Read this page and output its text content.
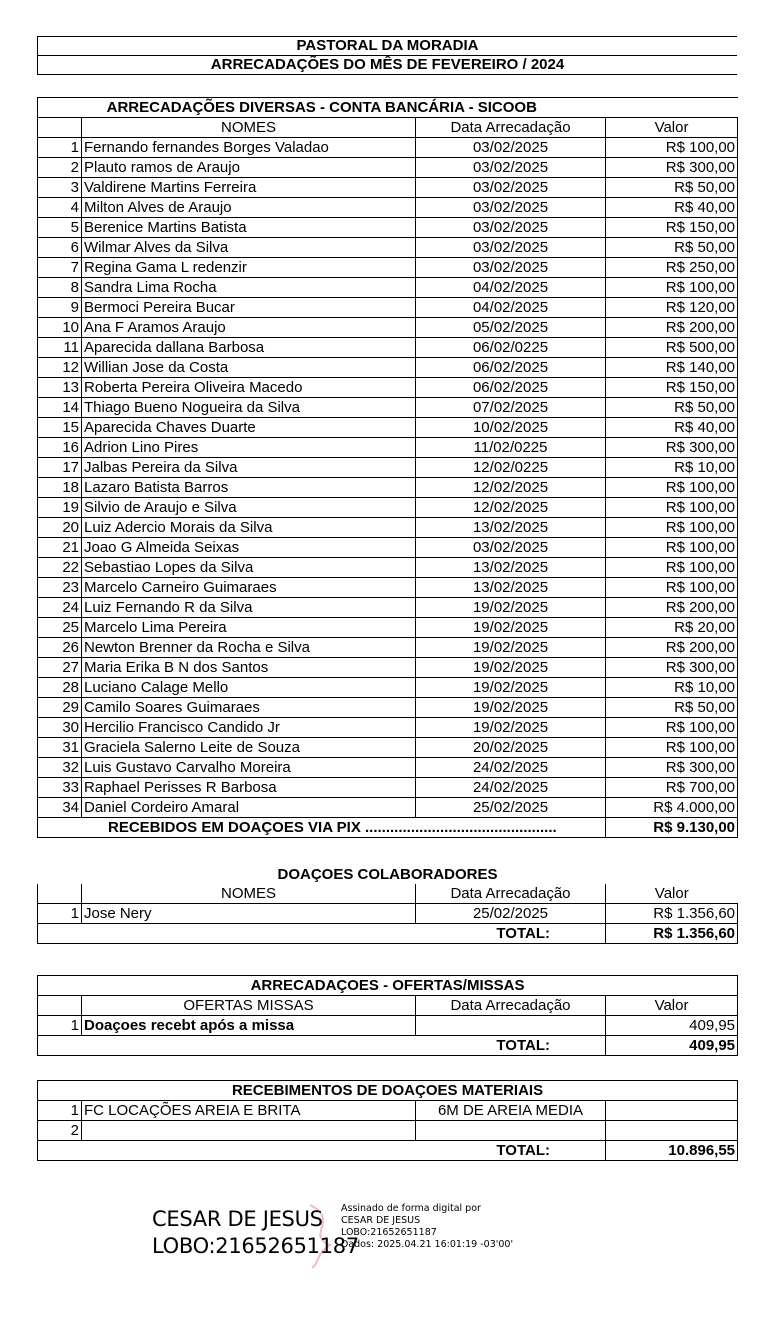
PASTORAL DA MORADIA
ARRECADAÇÕES DO MÊS DE FEVEREIRO / 2024
ARRECADAÇÕES DIVERSAS - CONTA BANCÁRIA - SICOOB			
	NOMES	Data Arrecadação	Valor
1	Fernando fernandes Borges Valadao	03/02/2025	R$ 100,00
2	Plauto ramos de Araujo	03/02/2025	R$ 300,00
3	Valdirene Martins Ferreira	03/02/2025	R$ 50,00
4	Milton Alves de Araujo	03/02/2025	R$ 40,00
5	Berenice Martins Batista	03/02/2025	R$ 150,00
6	Wilmar Alves da Silva	03/02/2025	R$ 50,00
7	Regina Gama L redenzir	03/02/2025	R$ 250,00
8	Sandra Lima Rocha	04/02/2025	R$ 100,00
9	Bermoci Pereira Bucar	04/02/2025	R$ 120,00
10	Ana F Aramos Araujo	05/02/2025	R$ 200,00
11	Aparecida dallana Barbosa	06/02/0225	R$ 500,00
12	Willian Jose da Costa	06/02/2025	R$ 140,00
13	Roberta Pereira Oliveira Macedo	06/02/2025	R$ 150,00
14	Thiago Bueno Nogueira da Silva	07/02/2025	R$ 50,00
15	Aparecida Chaves Duarte	10/02/2025	R$ 40,00
16	Adrion Lino Pires	11/02/0225	R$ 300,00
17	Jalbas Pereira da Silva	12/02/0225	R$ 10,00
18	Lazaro Batista Barros	12/02/2025	R$ 100,00
19	Silvio de Araujo e Silva	12/02/2025	R$ 100,00
20	Luiz Adercio Morais da Silva	13/02/2025	R$ 100,00
21	Joao G Almeida Seixas	03/02/2025	R$ 100,00
22	Sebastiao Lopes da Silva	13/02/2025	R$ 100,00
23	Marcelo Carneiro Guimaraes	13/02/2025	R$ 100,00
24	Luiz Fernando R da Silva	19/02/2025	R$ 200,00
25	Marcelo Lima Pereira	19/02/2025	R$ 20,00
26	Newton Brenner da Rocha e Silva	19/02/2025	R$ 200,00
27	Maria Erika B N dos Santos	19/02/2025	R$ 300,00
28	Luciano Calage Mello	19/02/2025	R$ 10,00
29	Camilo Soares Guimaraes	19/02/2025	R$ 50,00
30	Hercilio Francisco Candido Jr	19/02/2025	R$ 100,00
31	Graciela Salerno Leite de Souza	20/02/2025	R$ 100,00
32	Luis Gustavo Carvalho Moreira	24/02/2025	R$ 300,00
33	Raphael Perisses R Barbosa	24/02/2025	R$ 700,00
34	Daniel Cordeiro Amaral	25/02/2025	R$ 4.000,00
RECEBIDOS EM DOAÇOES VIA PIX ..............................................			R$ 9.130,00
DOAÇOES COLABORADORES			
	NOMES	Data Arrecadação	Valor
1	Jose Nery	25/02/2025	R$ 1.356,60
TOTAL:			R$ 1.356,60
ARRECADAÇOES - OFERTAS/MISSAS			
	OFERTAS MISSAS	Data Arrecadação	Valor
1	Doaçoes recebt após a missa		409,95
TOTAL:			409,95
RECEBIMENTOS DE DOAÇOES MATERIAIS			
1	FC LOCAÇÕES AREIA E BRITA	6M DE AREIA MEDIA	
2			
TOTAL:			10.896,55
CESAR DE JESUS
LOBO:21652651187
Assinado de forma digital por
CESAR DE JESUS
LOBO:21652651187
Dados: 2025.04.21 16:01:19 -03'00'
